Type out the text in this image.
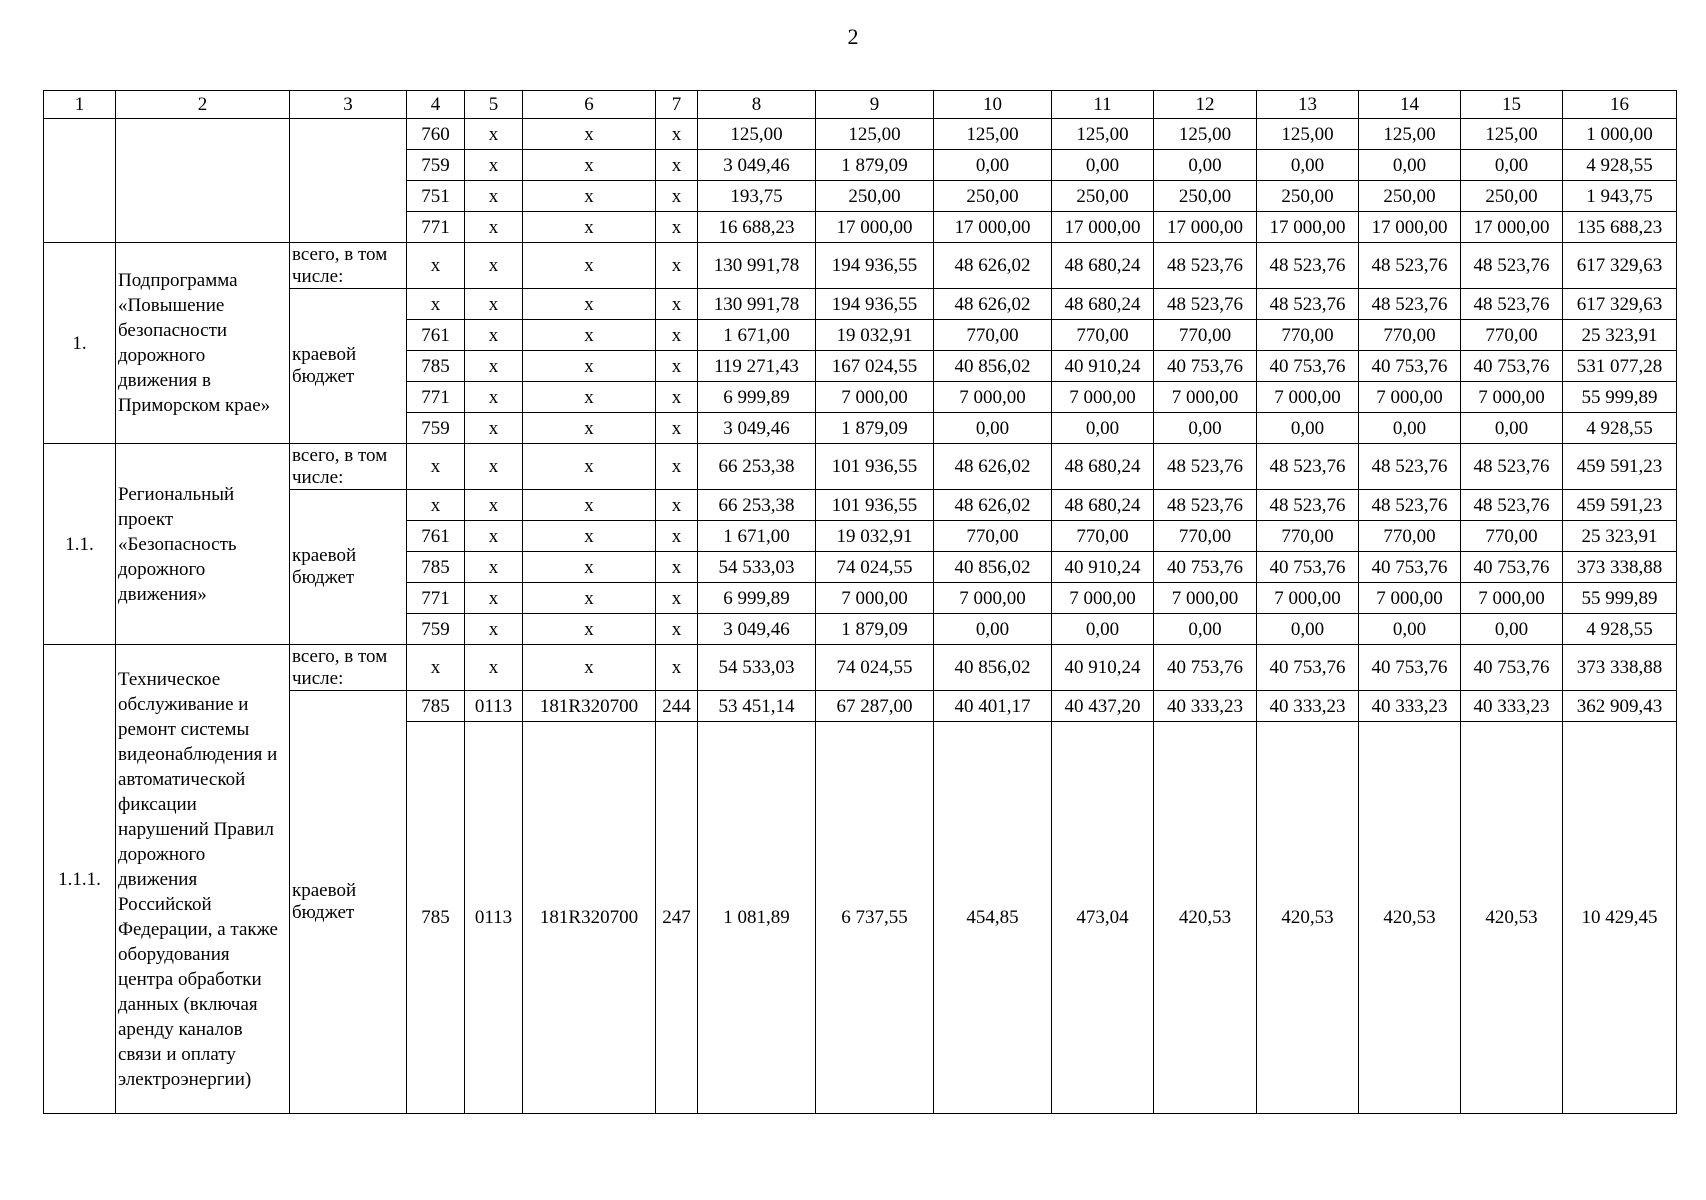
2
1	2	3	4	5	6	7	8	9	10	11	12	13	14	15	16
			760	x	x	x	125,00	125,00	125,00	125,00	125,00	125,00	125,00	125,00	1 000,00
			759	x	x	x	3 049,46	1 879,09	0,00	0,00	0,00	0,00	0,00	0,00	4 928,55
			751	x	x	x	193,75	250,00	250,00	250,00	250,00	250,00	250,00	250,00	1 943,75
			771	x	x	x	16 688,23	17 000,00	17 000,00	17 000,00	17 000,00	17 000,00	17 000,00	17 000,00	135 688,23
1.	Подпрограмма «Повышение безопасности дорожного движения в Приморском крае»	всего, в том числе:	x	x	x	x	130 991,78	194 936,55	48 626,02	48 680,24	48 523,76	48 523,76	48 523,76	48 523,76	617 329,63
		краевой бюджет	x	x	x	x	130 991,78	194 936,55	48 626,02	48 680,24	48 523,76	48 523,76	48 523,76	48 523,76	617 329,63
			761	x	x	x	1 671,00	19 032,91	770,00	770,00	770,00	770,00	770,00	770,00	25 323,91
			785	x	x	x	119 271,43	167 024,55	40 856,02	40 910,24	40 753,76	40 753,76	40 753,76	40 753,76	531 077,28
			771	x	x	x	6 999,89	7 000,00	7 000,00	7 000,00	7 000,00	7 000,00	7 000,00	7 000,00	55 999,89
			759	x	x	x	3 049,46	1 879,09	0,00	0,00	0,00	0,00	0,00	0,00	4 928,55
1.1.	Региональный проект «Безопасность дорожного движения»	всего, в том числе:	x	x	x	x	66 253,38	101 936,55	48 626,02	48 680,24	48 523,76	48 523,76	48 523,76	48 523,76	459 591,23
		краевой бюджет	x	x	x	x	66 253,38	101 936,55	48 626,02	48 680,24	48 523,76	48 523,76	48 523,76	48 523,76	459 591,23
			761	x	x	x	1 671,00	19 032,91	770,00	770,00	770,00	770,00	770,00	770,00	25 323,91
			785	x	x	x	54 533,03	74 024,55	40 856,02	40 910,24	40 753,76	40 753,76	40 753,76	40 753,76	373 338,88
			771	x	x	x	6 999,89	7 000,00	7 000,00	7 000,00	7 000,00	7 000,00	7 000,00	7 000,00	55 999,89
			759	x	x	x	3 049,46	1 879,09	0,00	0,00	0,00	0,00	0,00	0,00	4 928,55
1.1.1.	Техническое обслуживание и ремонт системы видеонаблюдения и автоматической фиксации нарушений Правил дорожного движения Российской Федерации, а также оборудования центра обработки данных (включая аренду каналов связи и оплату электроэнергии)	всего, в том числе:	x	x	x	x	54 533,03	74 024,55	40 856,02	40 910,24	40 753,76	40 753,76	40 753,76	40 753,76	373 338,88
		краевой бюджет	785	0113	181R320700	244	53 451,14	67 287,00	40 401,17	40 437,20	40 333,23	40 333,23	40 333,23	40 333,23	362 909,43
			785	0113	181R320700	247	1 081,89	6 737,55	454,85	473,04	420,53	420,53	420,53	420,53	10 429,45
